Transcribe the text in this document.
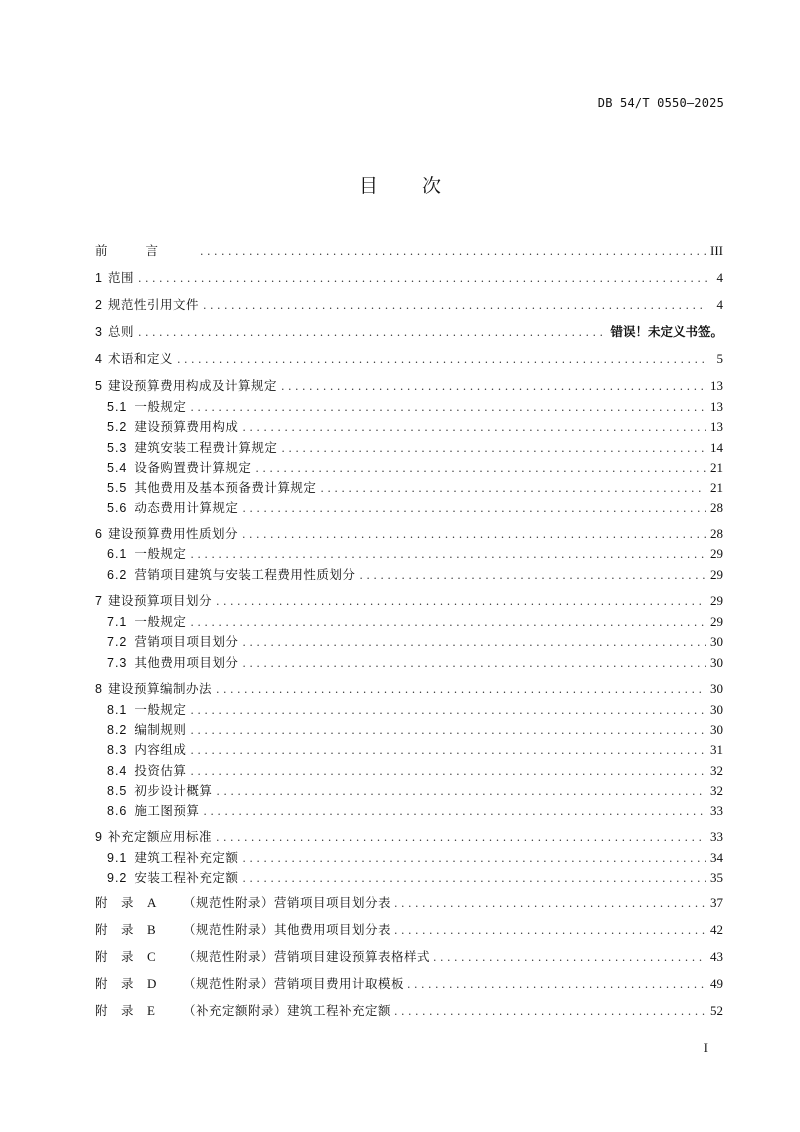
DB 54/T 0550—2025
目次
前言 . . .	III
1 范围 . . .	4
2 规范性引用文件 . . .	4
3 总则 . . .	错误！未定义书签。
4 术语和定义 . . .	5
5 建设预算费用构成及计算规定 . . .	13
5.1 一般规定 . . .	13
5.2 建设预算费用构成 . . .	13
5.3 建筑安装工程费计算规定 . . .	14
5.4 设备购置费计算规定 . . .	21
5.5 其他费用及基本预备费计算规定 . . .	21
5.6 动态费用计算规定 . . .	28
6 建设预算费用性质划分 . . .	28
6.1 一般规定 . . .	29
6.2 营销项目建筑与安装工程费用性质划分 . . .	29
7 建设预算项目划分 . . .	29
7.1 一般规定 . . .	29
7.2 营销项目项目划分 . . .	30
7.3 其他费用项目划分 . . .	30
8 建设预算编制办法 . . .	30
8.1 一般规定 . . .	30
8.2 编制规则 . . .	30
8.3 内容组成 . . .	31
8.4 投资估算 . . .	32
8.5 初步设计概算 . . .	32
8.6 施工图预算 . . .	33
9 补充定额应用标准 . . .	33
9.1 建筑工程补充定额 . . .	34
9.2 安装工程补充定额 . . .	35
附	录	A	（规范性附录） 营销项目项目划分表 . . .	37
附	录	B	（规范性附录） 其他费用项目划分表 . . .	42
附	录	C	（规范性附录） 营销项目建设预算表格样式 . . .	43
附	录	D	（规范性附录） 营销项目费用计取模板 . . .	49
附	录	E	（补充定额附录） 建筑工程补充定额 . . .	52
I
